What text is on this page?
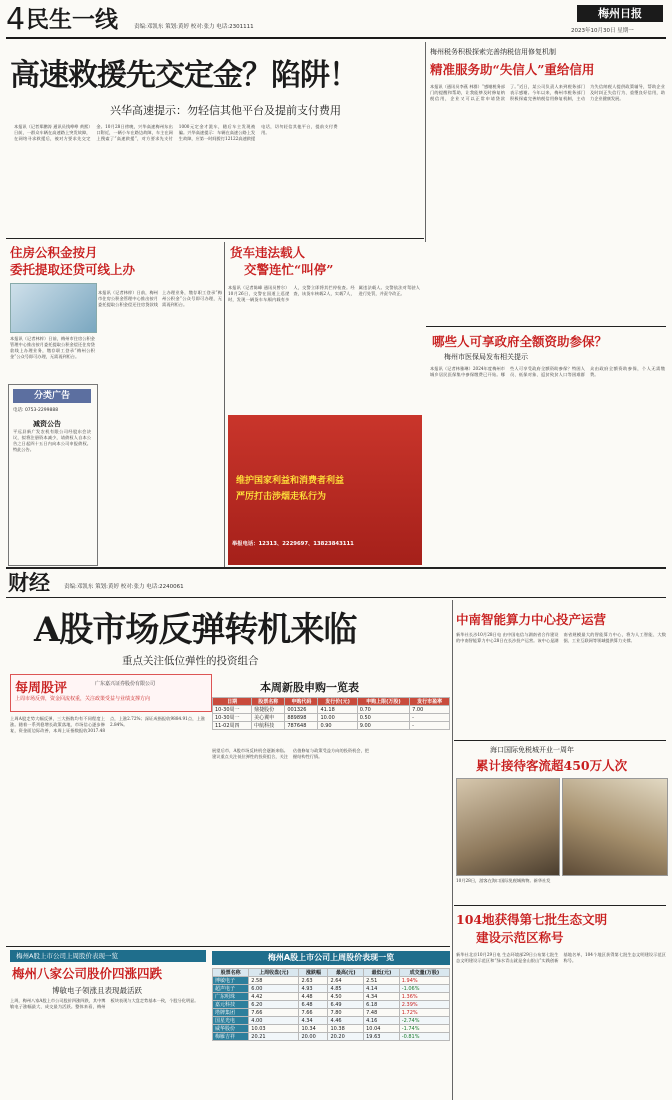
4 民生一线	责编:邓凯东 策划:黄婷 校对:张力 电话:2301111
梅州日报
2023年10月30日 星期一
高速救援先交定金？陷阱！
兴华高速提示：勿轻信其他平台及提前支付费用
本报讯（记者郑鹏涛 通讯员钱峥峥 黄熙）日前，一群众车辆在高速路上突发故障，在网络寻求救援后，被对方要求先交定金。10月28日傍晚，兴华高速梅州东出口附近，一辆小车在路边故障，车主在网上搜索了“高速救援”，对方要求先支付1000元定金才派车，随后车主发现被骗。兴华高速提示：车辆在高速公路上发生故障，应第一时间拨打12122高速救援电话，切勿轻信其他平台，提前支付费用。
梅州税务积极探索完善纳税信用修复机制
精准服务助“失信人”重给信用
本报讯（通讯员李燕 林群）“感谢税务部门的提醒和帮助，让我能够及时修复纳税信用，企业又可以正常申请贷款了。”近日，某公司负责人来到税务部门表示感谢。今年以来，梅州市税务部门积极探索完善纳税信用修复机制，主动为失信纳税人提供政策辅导，帮助企业及时纠正失信行为、重塑良好信用，助力企业健康发展。
住房公积金按月
委托提取还贷可线上办
本报讯（记者林梓）日前，梅州市住房公积金管理中心推出按月委托提取公积金偿还住房贷款线上办理业务，缴存职工登录“梅州公积金”公众号即可办理，无需再到柜台。
本报讯（记者林梓）日前，梅州市住房公积金管理中心推出按月委托提取公积金偿还住房贷款线上办理业务，缴存职工登录“梅州公积金”公众号即可办理，无需再到柜台。
分类广告
电话: 0753-2299888
减资公告
平远县新广发农机有限公司经股东会决议，拟将注册资本减少，请债权人自本公告之日起四十五日内向本公司申报债权。特此公告。
货车违法载人
交警连忙“叫停”
本报讯（记者陈峰 通讯员曾尔）10月26日，交警在国道上巡逻时，发现一辆货车车厢内载有多人，交警立即将其拦停检查。经查，该货车核载2人，实载7人，属违法载人。交警依法对驾驶人进行处罚，并责令改正。
维护国家利益和消费者利益
严厉打击涉烟走私行为
举报电话：12313、2229697、13823843111
哪些人可享政府全额资助参保？
梅州市医保局发布相关提示
本报讯（记者林雅琳）2024年度梅州市城乡居民医保集中参保缴费已开始。哪些人可享受政府全额资助参保？特困人员、低保对象、返贫致贫人口等困难群众由政府全额资助参保，个人无需缴费。
财经	责编:邓凯东 策划:黄婷 校对:张力 电话:2240061
A股市场反弹转机来临
重点关注低位弹性的投资组合
每周股评	广东嘉兴证券股份有限公司
上周市场反弹，资金回流权重，关注政策受益与业绩支撑方向
上周A股走势大幅反弹，三大指数均有不同程度上涨。随着一系列稳增长政策落地，市场信心逐步修复，资金面边际改善，本周上证指数报收3017.48点，上涨2.72%；深证成指报收9884.91点，上涨2.84%。
本周新股申购一览表
日期	股票名称	申购代码	发行价(元)	申购上限(万股)	发行市盈率
10-30周一	鼎捷股份	001326	41.18	0.70	7.00
10-30周一	美心翼申	889898	10.00	0.50	-
11-02周四	中航科技	787648	0.90	9.00	-
展望后市，A股市场反转机会逐渐来临。建议重点关注低位弹性的投资组合，关注估值修复与政策受益方向的投资机会，把握结构性行情。
中南智能算力中心投产运营
新华社长沙10月28日电 由中国电信与湖南省合作建设的中南智能算力中心28日在长沙投产运营。该中心是湖南省规模最大的智能算力中心，将为人工智能、大数据、工业互联网等领域提供算力支撑。
海口国际免税城开业一周年
累计接待客流超450万人次
10月28日，游客在海口国际免税城购物。新华社发
104地获得第七批生态文明
建设示范区称号
新华社北京10月29日电 生态环境部29日公布第七批生态文明建设示范区和“绿水青山就是金山银山”实践创新基地名单，104个地区获得第七批生态文明建设示范区称号。
梅州A股上市公司上周股价表现一览
梅州八家公司股价四涨四跌
博敏电子领涨且表现最活跃
上周，梅州八家A股上市公司股价四涨四跌，其中博敏电子涨幅最大、成交最为活跃。整体来看，梅州板块表现与大盘走势基本一致，个股分化明显。
梅州A股上市公司上周股价表现一览
股票名称	上周收盘(元)	涨跌幅	最高(元)	最低(元)	成交量(万股)
博敏电子	2.58	2.63	2.64	2.51	1.94%
超声电子	6.00	4.93	4.85	4.14	-1.06%
广东明珠	4.42	4.48	4.50	4.34	1.36%
嘉元科技	6.20	6.48	6.49	6.18	2.39%
塔牌集团	7.66	7.66	7.80	7.48	1.72%
国星光电	4.00	4.34	4.46	4.16	-2.74%
威华股份	10.03	10.34	10.38	10.04	-1.74%
梅雁吉祥	20.21	20.00	20.20	19.63	-0.81%
